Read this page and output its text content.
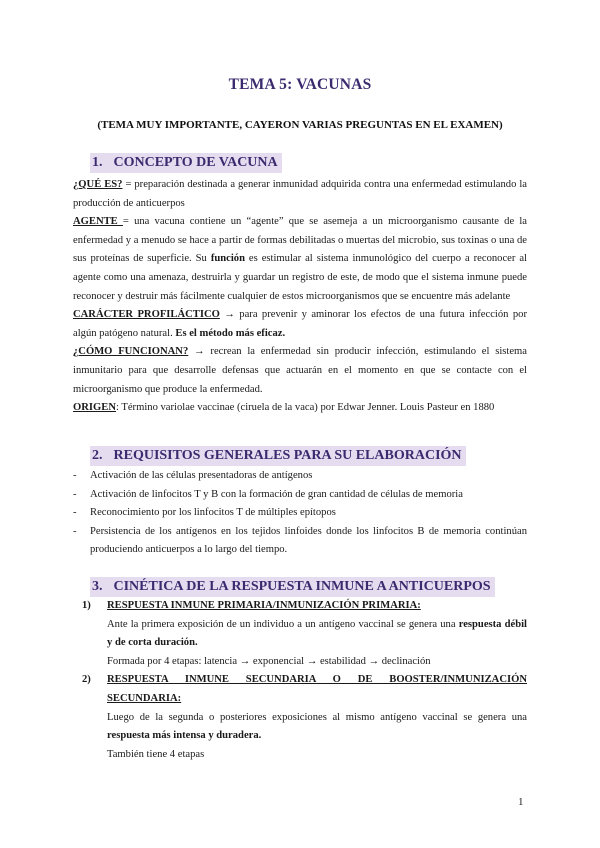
TEMA 5: VACUNAS
(TEMA MUY IMPORTANTE, CAYERON VARIAS PREGUNTAS EN EL EXAMEN)
1. CONCEPTO DE VACUNA

¿QUÉ ES? = preparación destinada a generar inmunidad adquirida contra una enfermedad estimulando la producción de anticuerpos

AGENTE = una vacuna contiene un “agente” que se asemeja a un microorganismo causante de la enfermedad y a menudo se hace a partir de formas debilitadas o muertas del microbio, sus toxinas o una de sus proteínas de superficie. Su función es estimular al sistema inmunológico del cuerpo a reconocer al agente como una amenaza, destruirla y guardar un registro de este, de modo que el sistema inmune puede reconocer y destruir más fácilmente cualquier de estos microorganismos que se encuentre más adelante

CARÁCTER PROFILÁCTICO → para prevenir y aminorar los efectos de una futura infección por algún patógeno natural. Es el método más eficaz.

¿CÓMO FUNCIONAN? → recrean la enfermedad sin producir infección, estimulando el sistema inmunitario para que desarrolle defensas que actuarán en el momento en que se contacte con el microorganismo que produce la enfermedad.

ORIGEN: Término variolae vaccinae (ciruela de la vaca) por Edwar Jenner. Louis Pasteur en 1880

2. REQUISITOS GENERALES PARA SU ELABORACIÓN
- Activación de las células presentadoras de antígenos
- Activación de linfocitos T y B con la formación de gran cantidad de células de memoria
- Reconocimiento por los linfocitos T de múltiples epítopos
- Persistencia de los antígenos en los tejidos linfoides donde los linfocitos B de memoria continúan produciendo anticuerpos a lo largo del tiempo.
3. CINÉTICA DE LA RESPUESTA INMUNE A ANTICUERPOS
1) RESPUESTA INMUNE PRIMARIA/INMUNIZACIÓN PRIMARIA:

Ante la primera exposición de un individuo a un antígeno vaccinal se genera una respuesta débil y de corta duración.

Formada por 4 etapas: latencia → exponencial → estabilidad → declinación

2) RESPUESTA INMUNE SECUNDARIA O DE BOOSTER/INMUNIZACIÓN SECUNDARIA:

Luego de la segunda o posteriores exposiciones al mismo antígeno vaccinal se genera una respuesta más intensa y duradera.

También tiene 4 etapas

1
